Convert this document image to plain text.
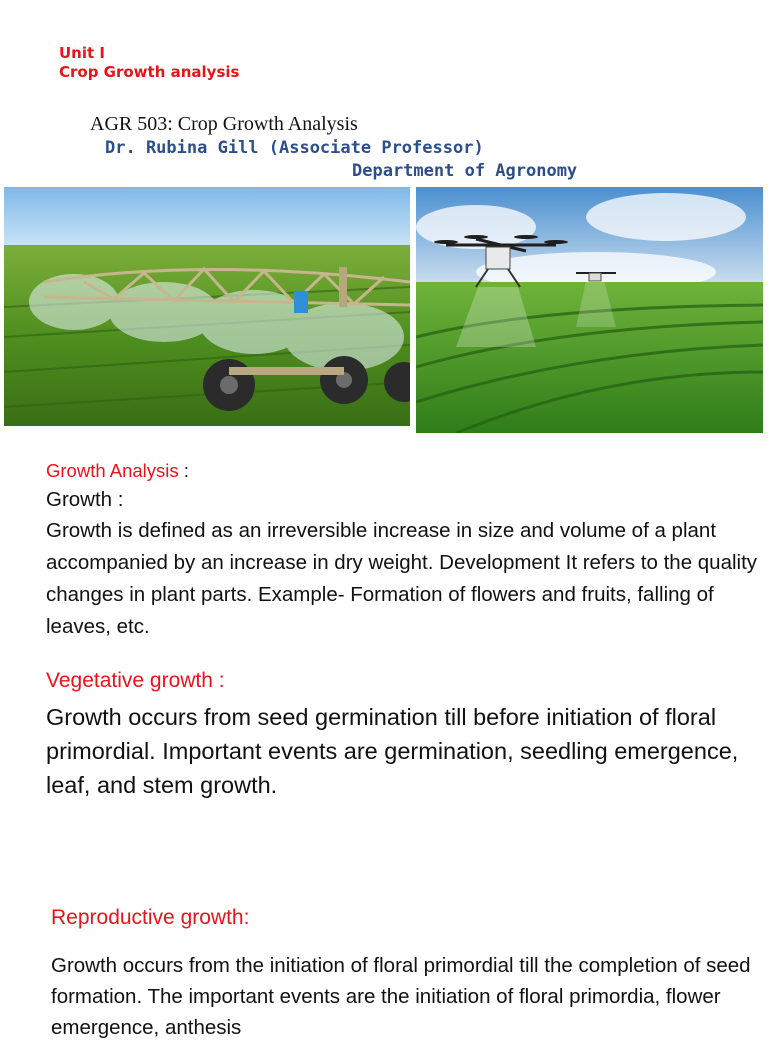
Unit I
Crop Growth analysis
AGR 503: Crop Growth Analysis
Dr. Rubina Gill (Associate Professor)
Department of Agronomy
Growth Analysis :
Growth :
Growth is defined as an irreversible increase in size and volume of a plant accompanied by an increase in dry weight. Development It refers to the quality changes in plant parts. Example- Formation of flowers and fruits, falling of leaves, etc.
Vegetative growth :
Growth occurs from seed germination till before initiation of floral primordial. Important events are germination, seedling emergence, leaf, and stem growth.
Reproductive growth:
Growth occurs from the initiation of floral primordial till the completion of seed formation. The important events are the initiation of floral primordia, flower emergence, anthesis
